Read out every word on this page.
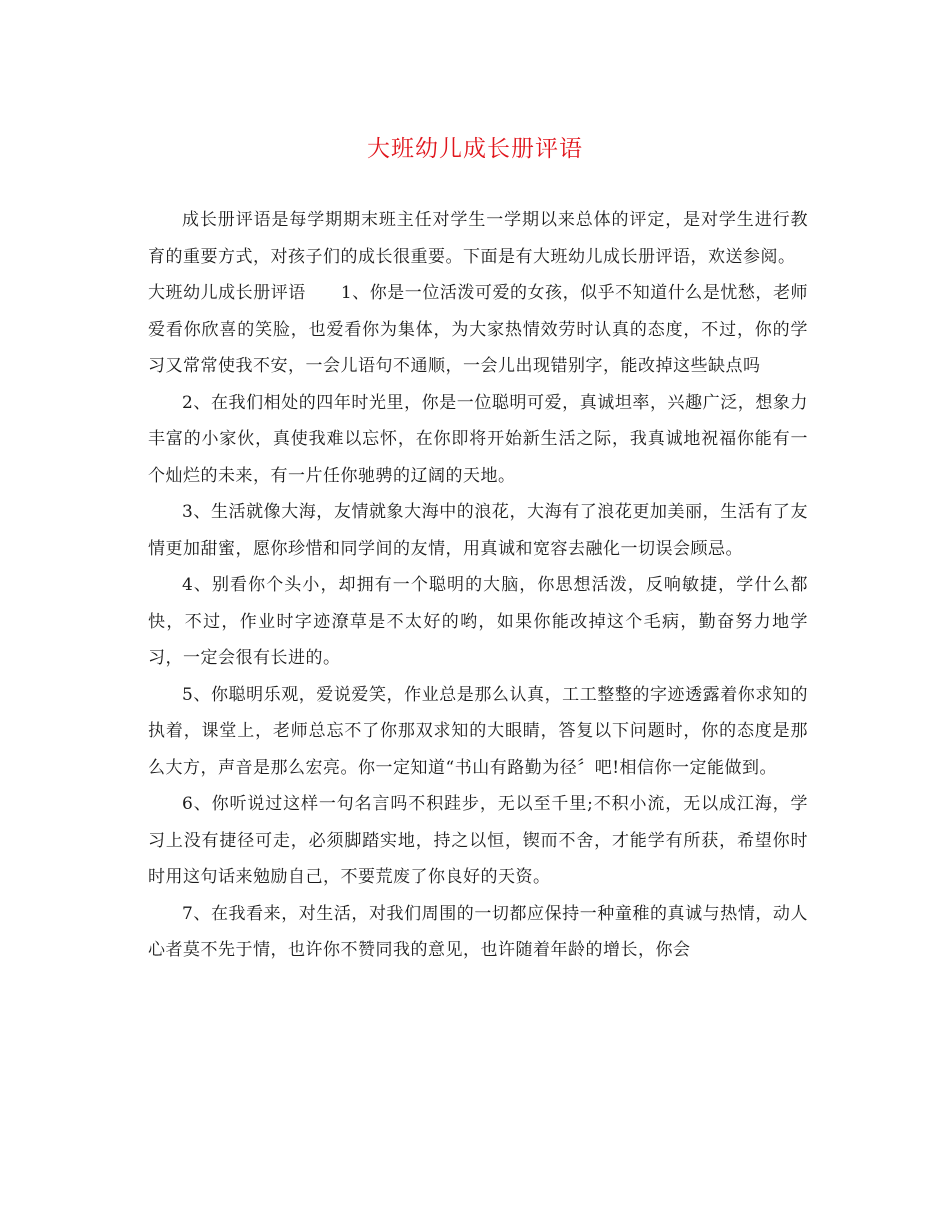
大班幼儿成长册评语

成长册评语是每学期期末班主任对学生一学期以来总体的评定，是对学生进行教育的重要方式，对孩子们的成长很重要。下面是有大班幼儿成长册评语，欢送参阅。

大班幼儿成长册评语　　1、你是一位活泼可爱的女孩，似乎不知道什么是忧愁，老师爱看你欣喜的笑脸，也爱看你为集体，为大家热情效劳时认真的态度，不过，你的学习又常常使我不安，一会儿语句不通顺，一会儿出现错别字，能改掉这些缺点吗

2、在我们相处的四年时光里，你是一位聪明可爱，真诚坦率，兴趣广泛，想象力丰富的小家伙，真使我难以忘怀，在你即将开始新生活之际，我真诚地祝福你能有一个灿烂的未来，有一片任你驰骋的辽阔的天地。

3、生活就像大海，友情就象大海中的浪花，大海有了浪花更加美丽，生活有了友情更加甜蜜，愿你珍惜和同学间的友情，用真诚和宽容去融化一切误会顾忌。

4、别看你个头小，却拥有一个聪明的大脑，你思想活泼，反响敏捷，学什么都快，不过，作业时字迹潦草是不太好的哟，如果你能改掉这个毛病，勤奋努力地学习，一定会很有长进的。

5、你聪明乐观，爱说爱笑，作业总是那么认真，工工整整的字迹透露着你求知的执着，课堂上，老师总忘不了你那双求知的大眼睛，答复以下问题时，你的态度是那么大方，声音是那么宏亮。你一定知道“书山有路勤为径〞吧!相信你一定能做到。

6、你听说过这样一句名言吗不积跬步，无以至千里;不积小流，无以成江海，学习上没有捷径可走，必须脚踏实地，持之以恒，锲而不舍，才能学有所获，希望你时时用这句话来勉励自己，不要荒废了你良好的天资。

7、在我看来，对生活，对我们周围的一切都应保持一种童稚的真诚与热情，动人心者莫不先于情，也许你不赞同我的意见，也许随着年龄的增长，你会
